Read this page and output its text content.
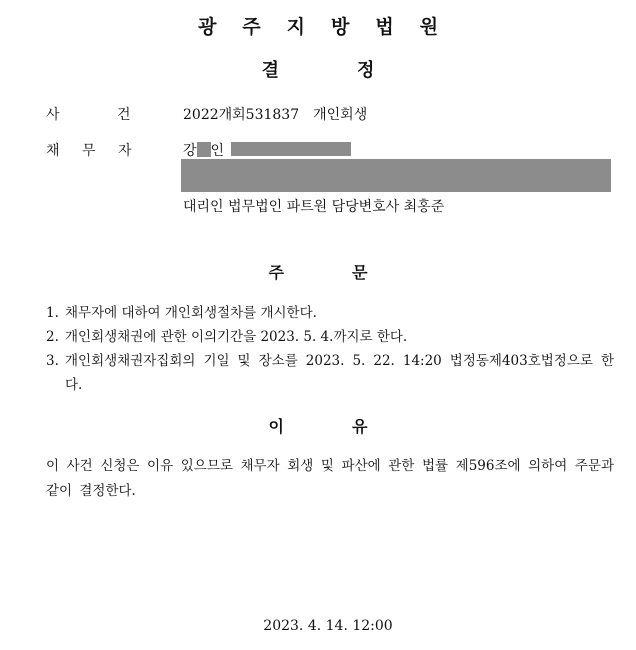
광주지방법원
결	정
사	건	2022개회531837 개인회생
채 무 자	강 인
대리인 법무법인 파트원 담당변호사 최홍준
주	문
1. 채무자에 대하여 개인회생절차를 개시한다.
2. 개인회생채권에 관한 이의기간을 2023. 5. 4.까지로 한다.
3. 개인회생채권자집회의 기일 및 장소를 2023. 5. 22. 14:20 법정동제403호법정으로 한다.
이	유
이 사건 신청은 이유 있으므로 채무자 회생 및 파산에 관한 법률 제596조에 의하여 주문과 같이 결정한다.
2023. 4. 14. 12:00
